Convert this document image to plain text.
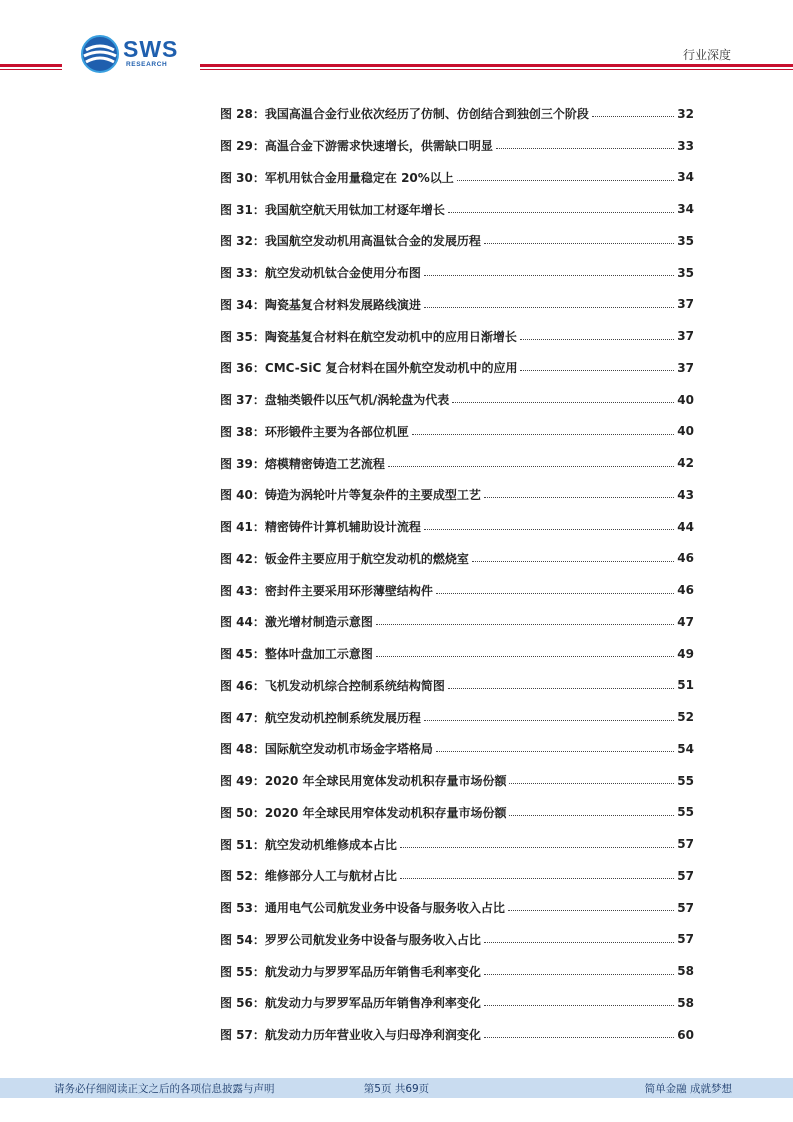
SWS
RESEARCH
行业深度
图 28： 我国高温合金行业依次经历了仿制、仿创结合到独创三个阶段	32
图 29： 高温合金下游需求快速增长，供需缺口明显	33
图 30： 军机用钛合金用量稳定在 20%以上	34
图 31： 我国航空航天用钛加工材逐年增长	34
图 32： 我国航空发动机用高温钛合金的发展历程	35
图 33： 航空发动机钛合金使用分布图	35
图 34： 陶瓷基复合材料发展路线演进	37
图 35： 陶瓷基复合材料在航空发动机中的应用日渐增长	37
图 36： CMC-SiC 复合材料在国外航空发动机中的应用	37
图 37： 盘轴类锻件以压气机/涡轮盘为代表	40
图 38： 环形锻件主要为各部位机匣	40
图 39： 熔模精密铸造工艺流程	42
图 40： 铸造为涡轮叶片等复杂件的主要成型工艺	43
图 41： 精密铸件计算机辅助设计流程	44
图 42： 钣金件主要应用于航空发动机的燃烧室	46
图 43： 密封件主要采用环形薄壁结构件	46
图 44： 激光增材制造示意图	47
图 45： 整体叶盘加工示意图	49
图 46： 飞机发动机综合控制系统结构简图	51
图 47： 航空发动机控制系统发展历程	52
图 48： 国际航空发动机市场金字塔格局	54
图 49： 2020 年全球民用宽体发动机积存量市场份额	55
图 50： 2020 年全球民用窄体发动机积存量市场份额	55
图 51： 航空发动机维修成本占比	57
图 52： 维修部分人工与航材占比	57
图 53： 通用电气公司航发业务中设备与服务收入占比	57
图 54： 罗罗公司航发业务中设备与服务收入占比	57
图 55： 航发动力与罗罗军品历年销售毛利率变化	58
图 56： 航发动力与罗罗军品历年销售净利率变化	58
图 57： 航发动力历年营业收入与归母净利润变化	60
第5页 共69页
请务必仔细阅读正文之后的各项信息披露与声明	简单金融 成就梦想
